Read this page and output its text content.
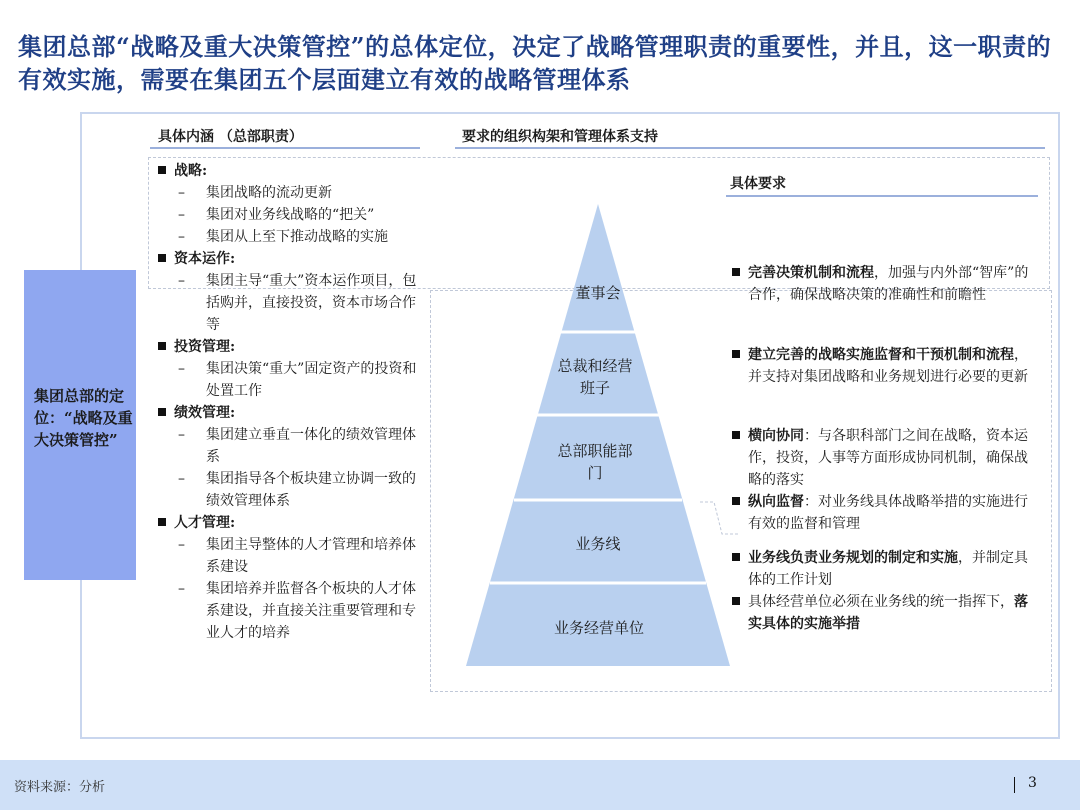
集团总部“战略及重大决策管控”的总体定位，决定了战略管理职责的重要性，并且，这一职责的有效实施，需要在集团五个层面建立有效的战略管理体系
具体内涵 （总部职责）	要求的组织构架和管理体系支持
集团总部的定位：“战略及重大决策管控”
战略:
–	集团战略的流动更新
–	集团对业务线战略的“把关”
–	集团从上至下推动战略的实施
资本运作:
–	集团主导“重大”资本运作项目，包括购并，直接投资，资本市场合作等
投资管理:
–	集团决策“重大”固定资产的投资和处置工作
绩效管理:
–	集团建立垂直一体化的绩效管理体系
–	集团指导各个板块建立协调一致的绩效管理体系
人才管理:
–	集团主导整体的人才管理和培养体系建设
–	集团培养并监督各个板块的人才体系建设，并直接关注重要管理和专业人才的培养
董事会
总裁和经营班子
总部职能部门
业务线
业务经营单位
具体要求
完善决策机制和流程，加强与内外部“智库”的合作，确保战略决策的准确性和前瞻性
建立完善的战略实施监督和干预机制和流程，并支持对集团战略和业务规划进行必要的更新
横向协同：与各职科部门之间在战略，资本运作，投资，人事等方面形成协同机制，确保战略的落实
纵向监督：对业务线具体战略举措的实施进行有效的监督和管理
业务线负责业务规划的制定和实施，并制定具体的工作计划
具体经营单位必须在业务线的统一指挥下，落实具体的实施举措
资料来源：分析	3
